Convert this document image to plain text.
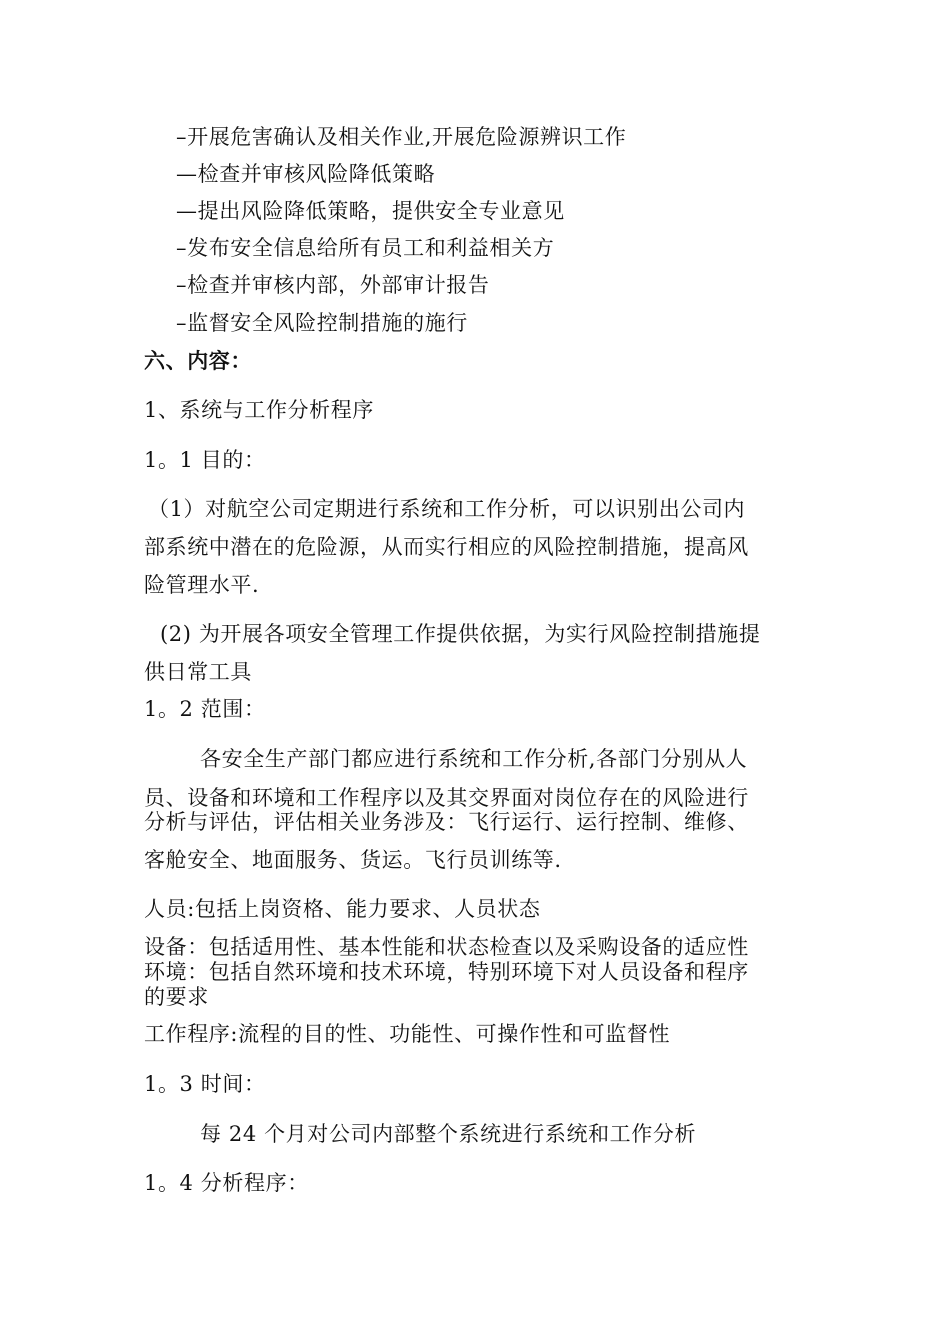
–开展危害确认及相关作业,开展危险源辨识工作
—检查并审核风险降低策略
—提出风险降低策略，提供安全专业意见
–发布安全信息给所有员工和利益相关方
–检查并审核内部，外部审计报告
–监督安全风险控制措施的施行
六、内容：
1、系统与工作分析程序
1。1 目的：
（1）对航空公司定期进行系统和工作分析，可以识别出公司内
部系统中潜在的危险源，从而实行相应的风险控制措施，提高风
险管理水平.
(2) 为开展各项安全管理工作提供依据，为实行风险控制措施提
供日常工具
1。2 范围：
各安全生产部门都应进行系统和工作分析,各部门分别从人
员、设备和环境和工作程序以及其交界面对岗位存在的风险进行
分析与评估，评估相关业务涉及：飞行运行、运行控制、维修、
客舱安全、地面服务、货运。飞行员训练等.
人员:包括上岗资格、能力要求、人员状态
设备：包括适用性、基本性能和状态检查以及采购设备的适应性
环境：包括自然环境和技术环境，特别环境下对人员设备和程序
的要求
工作程序:流程的目的性、功能性、可操作性和可监督性
1。3 时间：
每 24 个月对公司内部整个系统进行系统和工作分析
1。4 分析程序：
